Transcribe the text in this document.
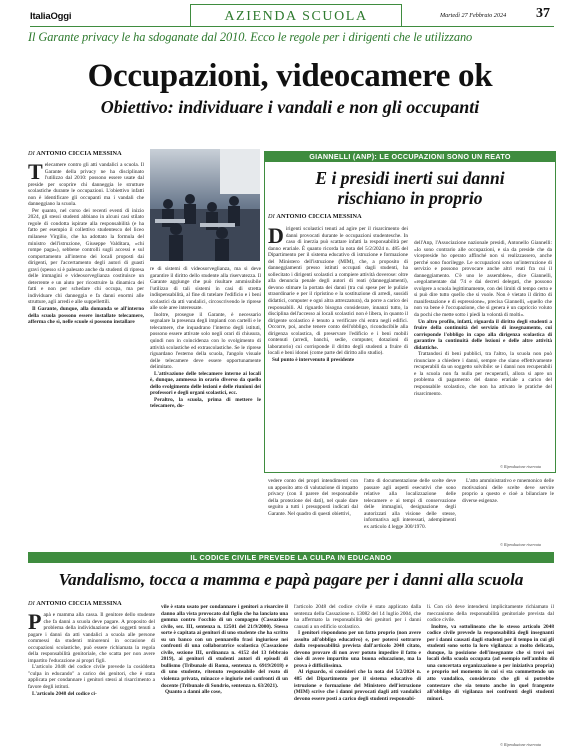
ItaliaOggi	AZIENDA SCUOLA	Martedì 27 Febbraio 2024 37
Il Garante privacy le ha sdoganate dal 2010. Ecco le regole per i dirigenti che le utilizzano
Occupazioni, videocamere ok
Obiettivo: individuare i vandali e non gli occupanti
DI ANTONIO CICCIA MESSINA
T elecamere contro gli atti vandalici a scuola. Il Garante della privacy ne ha disciplinato l'utilizzo dal 2010: possono essere usate dal preside per scoprire chi danneggia le strutture scolastiche durante le occupazioni. L'obiettivo infatti non è identificare gli occupanti ma i vandali che danneggiano la scuola.

Per quanto, nel corso dei recenti eventi di inizio 2024, gli stessi studenti abbiano in alcuni casi stilato regole di condotta ispirate alla responsabilità (e ha fatto per esempio il collettivo studentesco del liceo milanese Virgilio, che ha adottato la formula del ministro dell'istruzione, Giuseppe Valditara, «chi rompe paga»), sebbene controlli sugli accessi e sul comportamento all'interno dei locali proposti dai dirigenti, per l'accertamento degli autori di guasti gravi (spesso si è palesato anche da studenti di ripresa delle immagini e videosorveglianza costituisce un deterrente e un aiuto per ricostruire la dinamica dei fatti e non per schedare chi occupa, ma per individuare chi danneggia e fa danni enormi alle strutture, agli arredi e alle suppellettili.

Il Garante, dunque, alla domanda se all'interno della scuola possono essere installate telecamere, afferma che sì, nelle scuole si possono installare

re di sistemi di videosorveglianza, ma si deve garantire il diritto dello studente alla riservatezza. Il Garante aggiunge che può risultare ammissibile l'utilizzo di tali sistemi in casi di stretta indispensabilità, al fine di tutelare l'edificio e i beni scolastici da atti vandalici, circoscrivendo le riprese alle sole aree interessate.

Inoltre, prosegue il Garante, è necessario segnalare la presenza degli impianti con cartelli e le telecamere, che inquadrano l'interno degli istituti, possono essere attivate solo negli orari di chiusura, quindi non in coincidenza con lo svolgimento di attività scolastiche ed extrascolastiche. Se le riprese riguardano l'esterno della scuola, l'angolo visuale delle telecamere deve essere opportunamente delimitato.

L'attivazione delle telecamere interne ai locali è, dunque, ammessa in orario diverso da quello dello svolgimento delle lezioni e delle riunioni dei professori e degli organi scolastici, ecc.

Peraltro, la scuola, prima di mettere le telecamere, do-

vedere conto dei propri intendimenti con un apposito atto di valutazione di impatto privacy (con il parere del responsabile della protezione dei dati), nel quale dare seguito a tutti i presupposti indicati dal Garante. Nel quadro di questi obiettivi,

l'atto di documentazione delle scelte deve passare agli aspetti esecutivi che sono relative alla localizzazione delle telecamere e ai tempi di conservazione delle immagini, designazione degli autorizzati alla visione delle stesse, informativa agli interessati, adempimenti ex articolo 4 legge 300/1970.

L'atto amministrativo e mnemonico delle motivazioni delle scelte deve servire proprio a questo e cioè a bilanciare le diverse esigenze.

© Riproduzione riservata
GIANNELLI (ANP): LE OCCUPAZIONI SONO UN REATO
E i presidi inerti sui danni
rischiano in proprio
DI ANTONIO CICCIA MESSINA
D irigenti scolastici tenuti ad agire per il risarcimento dei danni provocati durante le occupazioni studentesche. In caso di inerzia può scattare infatti la responsabilità per danno erariale. È quanto ricorda la nota del 5/2/2024 n. 485 del Dipartimento per il sistema educativo di istruzione e formazione del Ministero dell'istruzione (MIM), che, a proposito di danneggiamenti presso istituti occupati dagli studenti, ha sollecitato i dirigenti scolastici a compiere attività doverose: oltre alla denuncia penale degli autori di reati (danneggiamenti), devono stimare la portata dei danni (tra cui spese per le pulizie straordinarie e per il ripristino e la sostituzione di arredi, sussidi didattici, computer e ogni altra attrezzatura), da porre a carico dei responsabili. Al riguardo bisogna considerare, innanzi tutto, la disciplina dell'accesso ai locali scolastici non è libera, in quanto il dirigente scolastico è tenuto a verificare chi entra negli edifici. Occorre, poi, anche tenere conto dell'obbligo, riconducibile alla dirigenza scolastica, di preservare l'edificio e i beni mobili contenuti (arredi, banchi, sedie, computer, dotazioni di laboratorio) cui corrisponde il diritto degli studenti a fruire di locali e beni idonei (come parte del diritto allo studio).

Sul punto è intervenuto il presidente

dell'Anp, l'Associazione nazionale presidi, Antonello Giannelli: «Io sono contrario alle occupazioni, e sia da preside che da vicepreside ho operato affinché non si realizzassero, anche perché sono fuorilegge. Le occupazioni sono un'interruzione di servizio e possono provocare anche altri reati fra cui il danneggiamento. C'è uno le assemblee», dice Giannelli, «regolamentate dal '74 e dai decreti delegati, che possono svolgere a scuola legittimamente, con dei limiti di tempo certo e si può dire tutto quello che si vuole. Non è vietato il diritto di manifestazione e di espressione», precisa Giannelli, «quello che non va bene è l'occupazione, che si genera è un capriccio voluto da pochi che mette sotto i piedi la volontà di molti».

Un altro profilo, infatti, riguarda il diritto degli studenti a fruire della continuità del servizio di insegnamento, cui corrisponde l'obbligo in capo alla dirigenza scolastica di garantire la continuità delle lezioni e delle altre attività didattiche.

Trattandosi di beni pubblici, tra l'altro, la scuola non può rinunciare a chiedere i danni, sempre che siano effettivamente recuperabili da un soggetto solvibile: se i danni non recuperabili e la scuola non fa nulla per recuperarli, allora si apre un problema di pagamento del danno erariale a carico del responsabile scolastico, che non ha attivato le pratiche del risarcimento.

© Riproduzione riservata
IL CODICE CIVILE PREVEDE LA CULPA IN EDUCANDO
Vandalismo, tocca a mamma e papà pagare per i danni alla scuola
DI ANTONIO CICCIA MESSINA
P apà e mamma alla cassa. Il genitore dello studente che fa danni a scuola deve pagare. A proposito del problema della individuazione dei soggetti tenuti a pagare i danni da atti vandalici a scuola alle persone commessi da studenti minorenni in occasione di occupazioni scolastiche, può essere richiamata la regola della responsabilità genitoriale, che scatta per non avere impartito l'educazione ai propri figli.

L'articolo 2048 del codice civile prevede la cosiddetta "culpa in educando" a carico dei genitori, che è stata applicata per condannare i genitori stessi al risarcimento a favore degli istituti.

L'articolo 2048 del codice ci-

vile è stato usato per condannare i genitori a risarcire il danno alla vista provocato dal figlio che ha lanciato una gomma contro l'occhio di un compagno (Cassazione civile, sez. III, sentenza n. 12501 del 21/9/2000). Stessa sorte è capitata ai genitori di uno studente che ha scritto su un banco con un pennarello frasi ingiuriose nei confronti di una collaboratrice scolastica (Cassazione civile, sezione III, ordinanza n. 4152 del 13 febbraio 2019), ai genitori di studenti autori di episodi di bullismo (Tribunale di Roma, sentenza n. 6919/2018) e di uno studente, ritenuto responsabile del reato di violenza privata, minacce e ingiurie nei confronti di un docente (Tribunale di Sondrio, sentenza n. 63/2021).

Quanto a danni alle cose,

l'articolo 2048 del codice civile è stato applicato dalla sentenza della Cassazione n. 13082 del 14 luglio 2004, che ha affermato la responsabilità dei genitori per i danni causati a un edificio scolastico.

I genitori rispondono per un fatto proprio (non avere assolto all'obbligo educativo) e, per potersi sottrarre dalla responsabilità prevista dall'articolo 2048 citato, devono provare di non aver potuto impedire il fatto e cioè di avere impartito una buona educazione, ma la prova è difficilissima.

Al riguardo, si consideri che la nota del 5/2/2024 n. 485 del Dipartimento per il sistema educativo di istruzione e formazione del Ministero dell'istruzione (MIM) scrive che i danni provocati dagli atti vandalici devono essere posti a carico degli studenti responsabi-

li. Con ciò deve intendersi implicitamente richiamato il meccanismo della responsabilità genitoriale prevista dal codice civile.

Inoltre, va sottolineato che lo stesso articolo 2048 codice civile prevede la responsabilità degli insegnanti per i danni causati dagli studenti per il tempo in cui gli studenti sono sotto la loro vigilanza: a molto delicata, dunque, la posizione dell'insegnante che si trovi nei locali della scuola occupata (ad esempio nell'ambito di una concertata organizzazione o per iniziativa propria) e proprio nel momento in cui si sta commettendo un atto vandalico, considerato che gli si potrebbe contestare che sia tenuto anche in quel frangente all'obbligo di vigilanza nei confronti degli studenti minori.

© Riproduzione riservata
